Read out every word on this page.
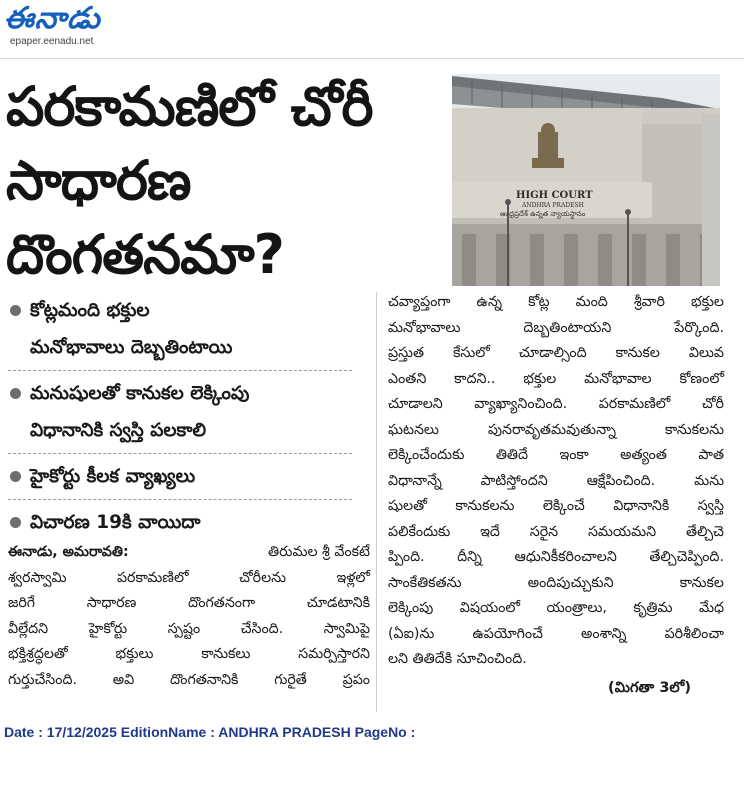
ఈనాడు
epaper.eenadu.net
పరకామణిలో చోరీ
సాధారణ
దొంగతనమా?
HIGH COURT
ANDHRA PRADESH
ఆంధ్రప్రదేశ్ ఉన్నత న్యాయస్థానం
కోట్లమంది భక్తుల
మనోభావాలు దెబ్బతింటాయి
మనుషులతో కానుకల లెక్కింపు
విధానానికి స్వస్తి పలకాలి
హైకోర్టు కీలక వ్యాఖ్యలు
విచారణ 19కి వాయిదా
ఈనాడు, అమరావతి:	తిరుమల శ్రీ వేంకటే
శ్వరస్వామి	పరకామణిలో	చోరీలను	ఇళ్లలో
జరిగే	సాధారణ	దొంగతనంగా	చూడటానికి
వీల్లేదని	హైకోర్టు	స్పష్టం	చేసింది.	స్వామిపై
భక్తిశ్రద్ధలతో	భక్తులు	కానుకలు	సమర్పిస్తారని
గుర్తుచేసింది.	అవి	దొంగతనానికి	గురైతే	ప్రపం
చవ్యాప్తంగా ఉన్న కోట్ల మంది శ్రీవారి భక్తుల
మనోభావాలు	దెబ్బతింటాయని	పేర్కొంది.
ప్రస్తుత కేసులో చూడాల్సింది కానుకల విలువ
ఎంతని కాదని.. భక్తుల మనోభావాల కోణంలో
చూడాలని వ్యాఖ్యానించింది. పరకామణిలో చోరీ
ఘటనలు	పునరావృతమవుతున్నా	కానుకలను
లెక్కించేందుకు తితిదే ఇంకా అత్యంత పాత
విధానాన్నే	పాటిస్తోందని	ఆక్షేపించింది.	మను
షులతో కానుకలను లెక్కించే విధానానికి స్వస్తి
పలికేందుకు ఇదే సరైన సమయమని తేల్చిచె
ప్పింది. దీన్ని ఆధునికీకరించాలని తేల్చిచెప్పింది.
సాంకేతికతను	అందిపుచ్చుకుని	కానుకల
లెక్కింపు విషయంలో యంత్రాలు, కృత్రిమ మేధ
(ఏఐ)ను	ఉపయోగించే	అంశాన్ని	పరిశీలించా
లని తితిదేకి సూచించింది.
(మిగతా 3లో)
Date : 17/12/2025 EditionName : ANDHRA PRADESH PageNo :
